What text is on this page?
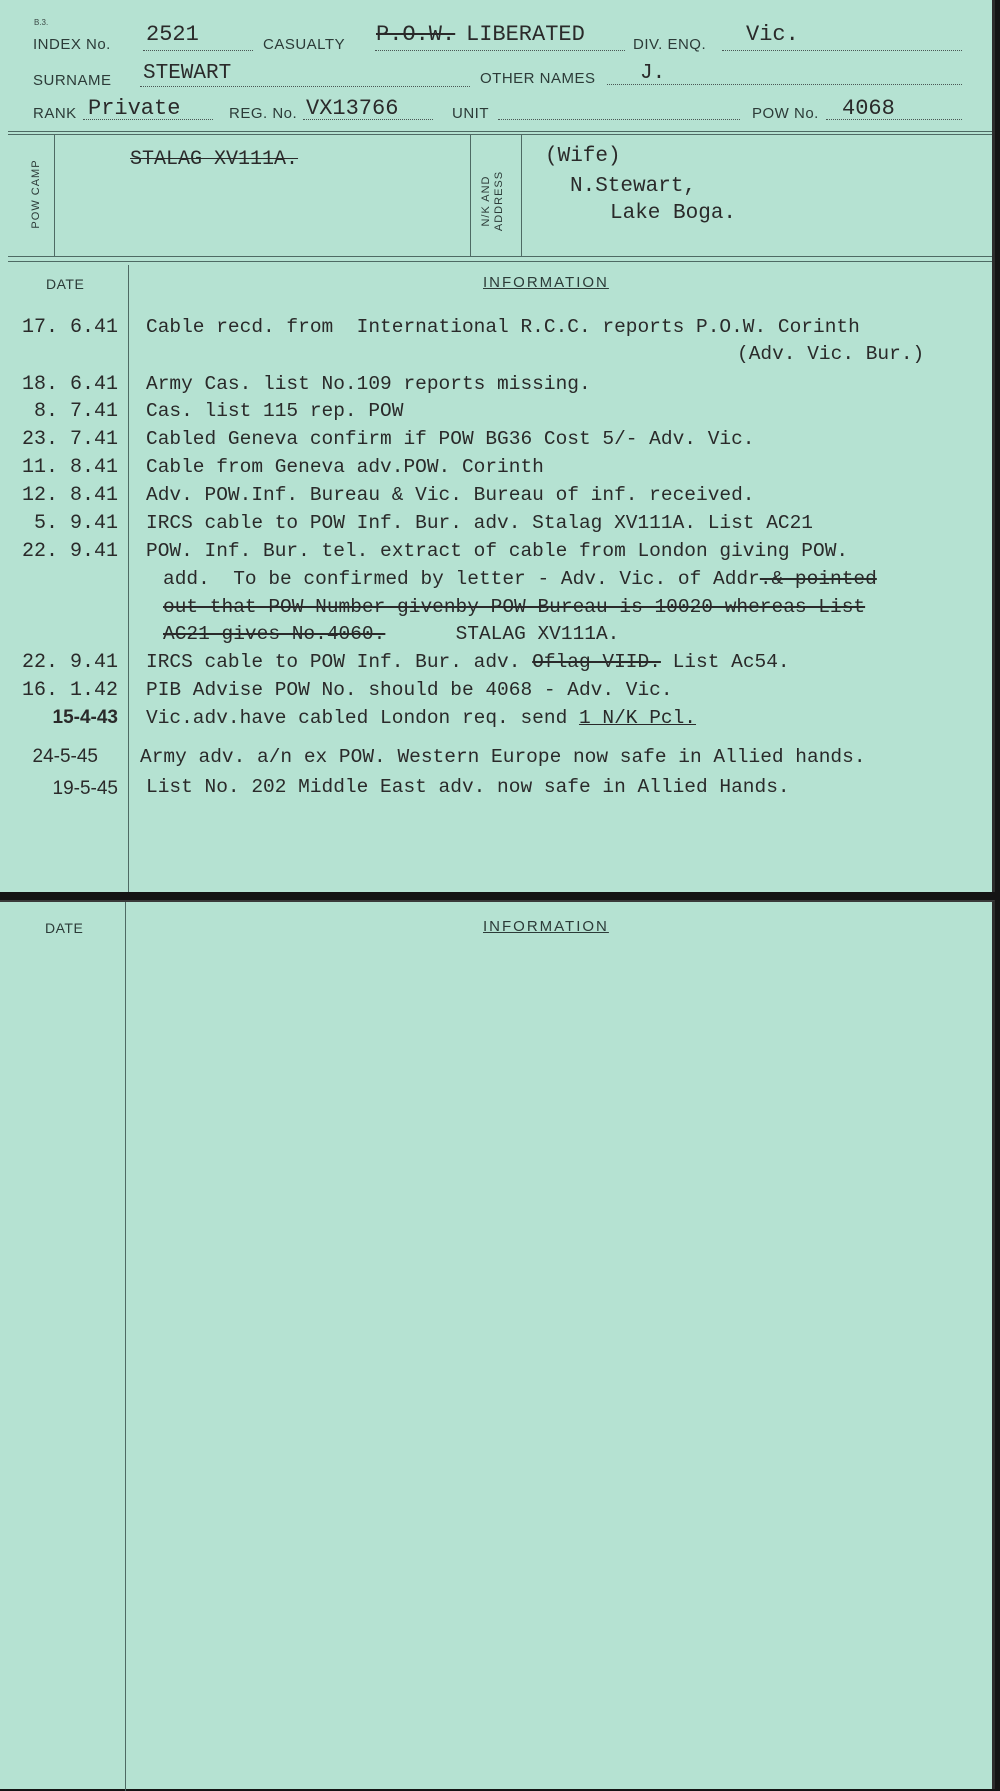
B.3.
INDEX No. 2521	CASUALTY P.O.W. LIBERATED	DIV. ENQ. Vic.
SURNAME STEWART	OTHER NAMES J.
RANK Private	REG. No. VX13766	UNIT	POW No. 4068
POW CAMP	STALAG XV111A.
N/K AND
ADDRESS
(Wife)
N.Stewart,
Lake Boga.
DATE	INFORMATION
17. 6.41 Cable recd. from  International R.C.C. reports P.O.W. Corinth
(Adv. Vic. Bur.)
18. 6.41 Army Cas. list No.109 reports missing.
8. 7.41 Cas. list 115 rep. POW
23. 7.41 Cabled Geneva confirm if POW BG36 Cost 5/- Adv. Vic.
11. 8.41 Cable from Geneva adv.POW. Corinth
12. 8.41 Adv. POW.Inf. Bureau & Vic. Bureau of inf. received.
5. 9.41 IRCS cable to POW Inf. Bur. adv. Stalag XV111A. List AC21
22. 9.41 POW. Inf. Bur. tel. extract of cable from London giving POW.
add.  To be confirmed by letter - Adv. Vic. of Addr.& pointed
out that POW Number givenby POW Bureau is 10020 whereas List
AC21 gives No.4060.	STALAG XV111A.
22. 9.41 IRCS cable to POW Inf. Bur. adv. Oflag VIID. List Ac54.
16. 1.42 PIB Advise POW No. should be 4068 - Adv. Vic.
15-4-43 Vic.adv.have cabled London req. send 1 N/K Pcl.
24-5-45 Army adv. a/n ex POW. Western Europe now safe in Allied hands.
19-5-45 List No. 202 Middle East adv. now safe in Allied Hands.
DATE	INFORMATION
